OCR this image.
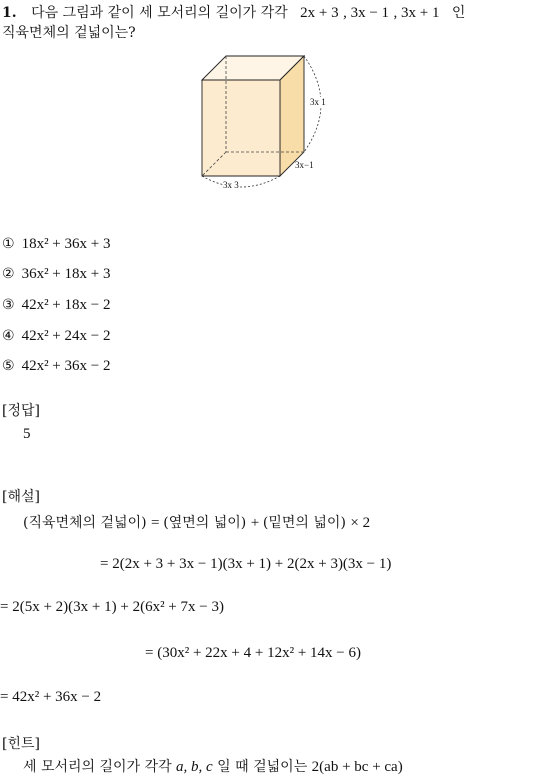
1. 다음 그림과 같이 세 모서리의 길이가 각각 2x + 3 , 3x − 1 , 3x + 1 인
직육면체의 겉넓이는?
3x 1
3x−1
3x 3
① 18x² + 36x + 3
② 36x² + 18x + 3
③ 42x² + 18x − 2
④ 42x² + 24x − 2
⑤ 42x² + 36x − 2
[정답]
5
[해설]
(직육면체의 겉넓이) = (옆면의 넓이) + (밑면의 넓이) × 2
= 2(2x + 3 + 3x − 1)(3x + 1) + 2(2x + 3)(3x − 1)
= 2(5x + 2)(3x + 1) + 2(6x² + 7x − 3)
= (30x² + 22x + 4 + 12x² + 14x − 6)
= 42x² + 36x − 2
[힌트]
세 모서리의 길이가 각각 a, b, c 일 때 겉넓이는 2(ab + bc + ca)
